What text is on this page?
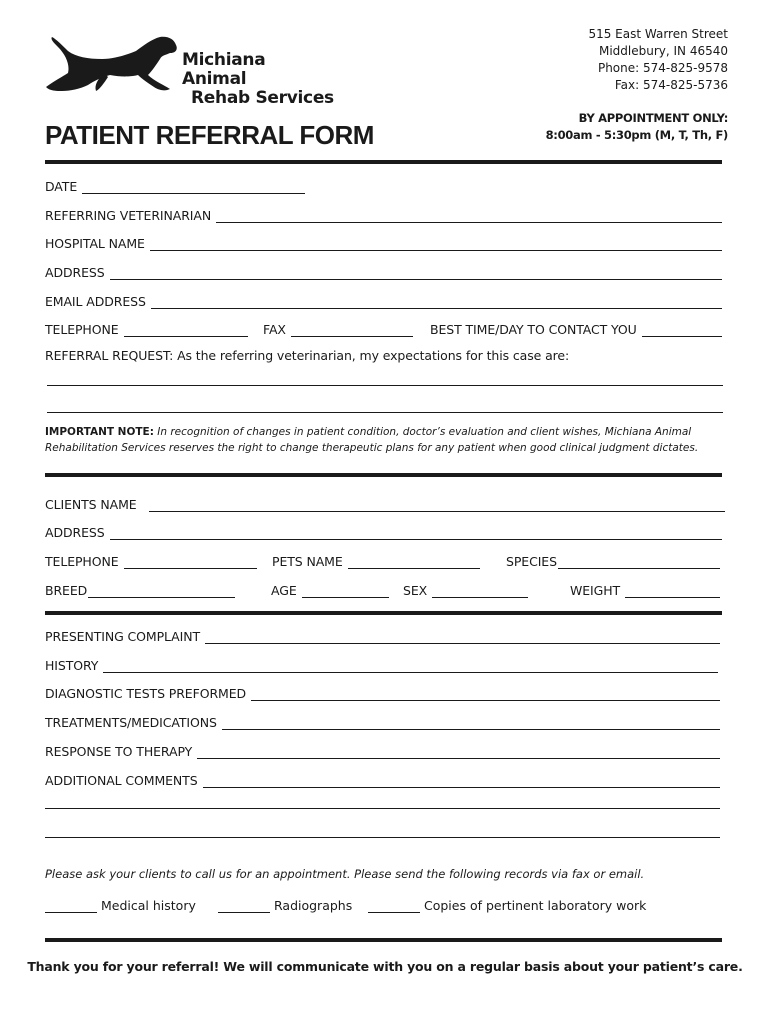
Michiana Animal
Rehab Services
515 East Warren Street
Middlebury, IN 46540
Phone: 574-825-9578
Fax: 574-825-5736
BY APPOINTMENT ONLY:
8:00am - 5:30pm (M, T, Th, F)
PATIENT REFERRAL FORM
DATE
REFERRING VETERINARIAN
HOSPITAL NAME
ADDRESS
EMAIL ADDRESS
TELEPHONE	FAX	BEST TIME/DAY TO CONTACT YOU
REFERRAL REQUEST: As the referring veterinarian, my expectations for this case are:
IMPORTANT NOTE: In recognition of changes in patient condition, doctor’s evaluation and client wishes, Michiana Animal Rehabilitation Services reserves the right to change therapeutic plans for any patient when good clinical judgment dictates.
CLIENTS NAME
ADDRESS
TELEPHONE	PETS NAME	SPECIES
BREED	AGE	SEX	WEIGHT
PRESENTING COMPLAINT
HISTORY
DIAGNOSTIC TESTS PREFORMED
TREATMENTS/MEDICATIONS
RESPONSE TO THERAPY
ADDITIONAL COMMENTS
Please ask your clients to call us for an appointment. Please send the following records via fax or email.
Medical history	Radiographs	Copies of pertinent laboratory work
Thank you for your referral! We will communicate with you on a regular basis about your patient’s care.
